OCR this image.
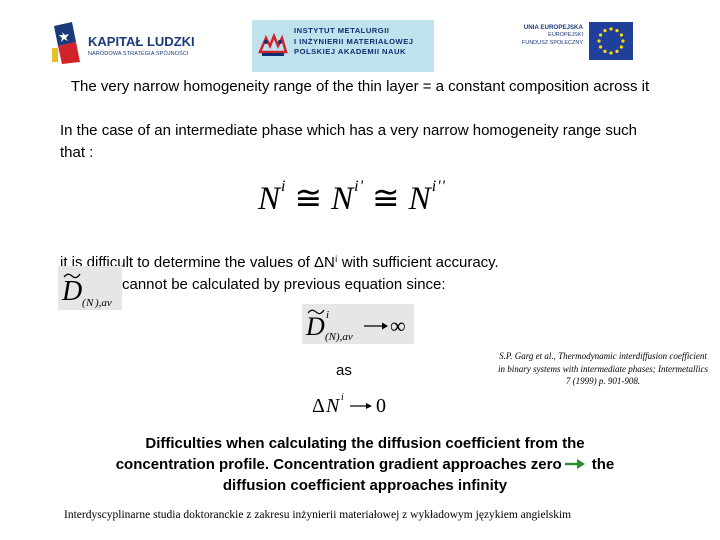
KAPITAŁ LUDZKI
NARODOWA STRATEGIA SPÓJNOŚCI
INSTYTUT METALURGII
I INŻYNIERII MATERIAŁOWEJ
POLSKIEJ AKADEMII NAUK
UNIA EUROPEJSKA
EUROPEJSKI
FUNDUSZ SPOŁECZNY
The very narrow homogeneity range of the thin layer = a constant composition across it
In the case of an intermediate phase which has a very narrow homogeneity range such that :
$N^i$ ≅ $N^{i'}$ ≅ $N^{i''}$
it is difficult to determine the values of ΔNⁱ with sufficient accuracy.
D ( N ),av
cannot be calculated by previous equation since:
D i
(N),av ∞
as
Δ N i 0
S.P. Garg et al., Thermodynamic interdiffusion coefficient in binary systems with intermediate phases; Intermetallics 7 (1999) p. 901-908.
Difficulties when calculating the diffusion coefficient from the concentration profile. Concentration gradient approaches zero the diffusion coefficient approaches infinity
Interdyscyplinarne studia doktoranckie z zakresu inżynierii materiałowej z wykładowym językiem angielskim
